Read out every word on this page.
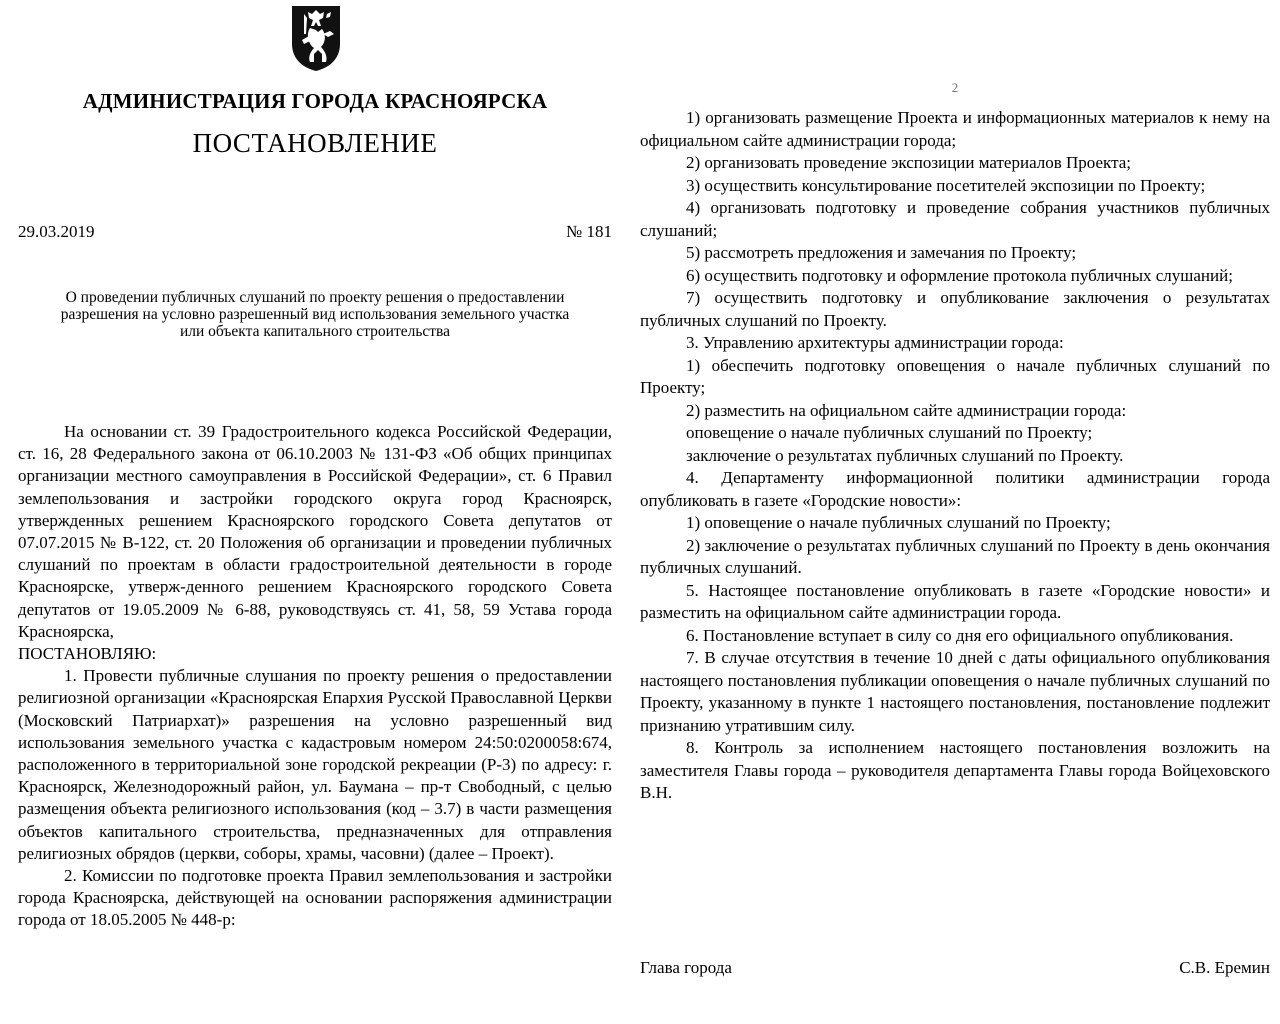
АДМИНИСТРАЦИЯ ГОРОДА КРАСНОЯРСКА
ПОСТАНОВЛЕНИЕ
29.03.2019	№ 181
О проведении публичных слушаний по проекту решения о предоставлении разрешения на условно разрешенный вид использования земельного участка или объекта капитального строительства

На основании ст. 39 Градостроительного кодекса Российской Федерации, ст. 16, 28 Федерального закона от 06.10.2003 № 131-ФЗ «Об общих принципах организации местного самоуправления в Российской Федерации», ст. 6 Правил землепользования и застройки городского округа город Красноярск, утвержденных решением Красноярского городского Совета депутатов от 07.07.2015 № В-122, ст. 20 Положения об организации и проведении публичных слушаний по проектам в области градостроительной деятельности в городе Красноярске, утверж-денного решением Красноярского городского Совета депутатов от 19.05.2009 № 6-88, руководствуясь ст. 41, 58, 59 Устава города Красноярска,

ПОСТАНОВЛЯЮ:

1. Провести публичные слушания по проекту решения о предоставлении религиозной организации «Красноярская Епархия Русской Православной Церкви (Московский Патриархат)» разрешения на условно разрешенный вид использования земельного участка с кадастровым номером 24:50:0200058:674, расположенного в территориальной зоне городской рекреации (Р-3) по адресу: г. Красноярск, Железнодорожный район, ул. Баумана – пр-т Свободный, с целью размещения объекта религиозного использования (код – 3.7) в части размещения объектов капитального строительства, предназначенных для отправления религиозных обрядов (церкви, соборы, храмы, часовни) (далее – Проект).

2. Комиссии по подготовке проекта Правил землепользования и застройки города Красноярска, действующей на основании распоряжения администрации города от 18.05.2005 № 448-р:

2

1) организовать размещение Проекта и информационных материалов к нему на официальном сайте администрации города;

2) организовать проведение экспозиции материалов Проекта;

3) осуществить консультирование посетителей экспозиции по Проекту;

4) организовать подготовку и проведение собрания участников публичных слушаний;

5) рассмотреть предложения и замечания по Проекту;

6) осуществить подготовку и оформление протокола публичных слушаний;

7) осуществить подготовку и опубликование заключения о результатах публичных слушаний по Проекту.

3. Управлению архитектуры администрации города:

1) обеспечить подготовку оповещения о начале публичных слушаний по Проекту;

2) разместить на официальном сайте администрации города:

оповещение о начале публичных слушаний по Проекту;

заключение о результатах публичных слушаний по Проекту.

4. Департаменту информационной политики администрации города опубликовать в газете «Городские новости»:

1) оповещение о начале публичных слушаний по Проекту;

2) заключение о результатах публичных слушаний по Проекту в день окончания публичных слушаний.

5. Настоящее постановление опубликовать в газете «Городские новости» и разместить на официальном сайте администрации города.

6. Постановление вступает в силу со дня его официального опубликования.

7. В случае отсутствия в течение 10 дней с даты официального опубликования настоящего постановления публикации оповещения о начале публичных слушаний по Проекту, указанному в пункте 1 настоящего постановления, постановление подлежит признанию утратившим силу.

8. Контроль за исполнением настоящего постановления возложить на заместителя Главы города – руководителя департамента Главы города Войцеховского В.Н.

Глава города	С.В. Еремин
